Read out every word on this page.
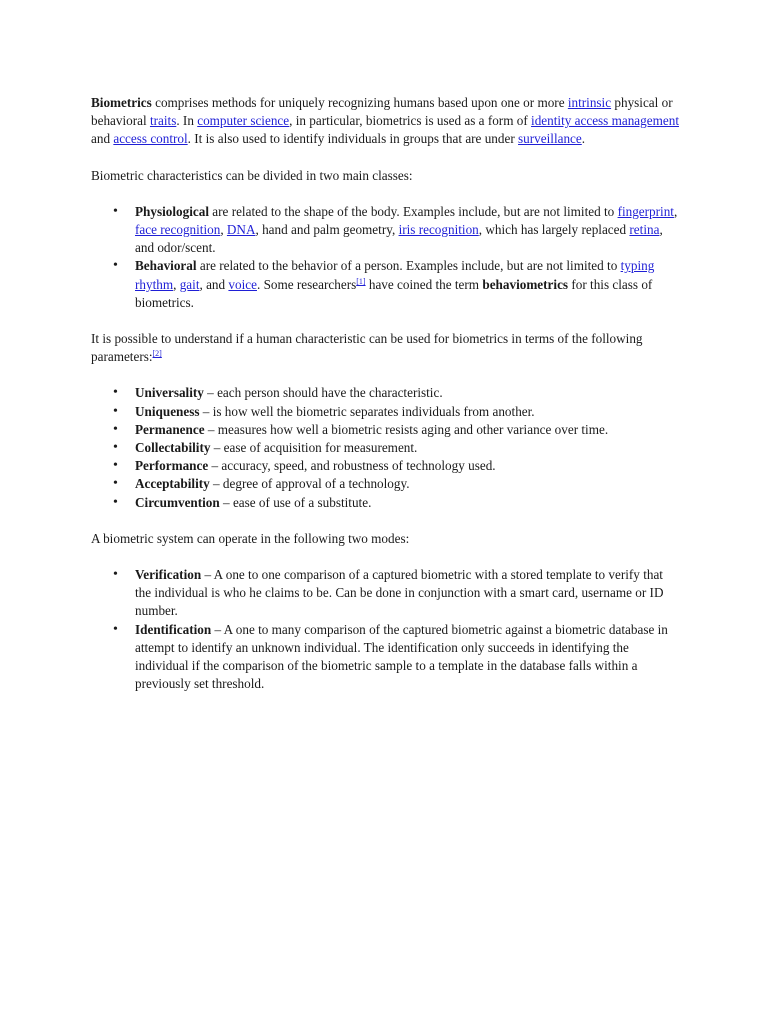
Biometrics comprises methods for uniquely recognizing humans based upon one or more intrinsic physical or behavioral traits. In computer science, in particular, biometrics is used as a form of identity access management and access control. It is also used to identify individuals in groups that are under surveillance.

Biometric characteristics can be divided in two main classes:

• Physiological are related to the shape of the body. Examples include, but are not limited to fingerprint, face recognition, DNA, hand and palm geometry, iris recognition, which has largely replaced retina, and odor/scent.
• Behavioral are related to the behavior of a person. Examples include, but are not limited to typing rhythm, gait, and voice. Some researchers[1] have coined the term behaviometrics for this class of biometrics.

It is possible to understand if a human characteristic can be used for biometrics in terms of the following parameters:[2]

• Universality – each person should have the characteristic.
• Uniqueness – is how well the biometric separates individuals from another.
• Permanence – measures how well a biometric resists aging and other variance over time.
• Collectability – ease of acquisition for measurement.
• Performance – accuracy, speed, and robustness of technology used.
• Acceptability – degree of approval of a technology.
• Circumvention – ease of use of a substitute.

A biometric system can operate in the following two modes:

• Verification – A one to one comparison of a captured biometric with a stored template to verify that the individual is who he claims to be. Can be done in conjunction with a smart card, username or ID number.
• Identification – A one to many comparison of the captured biometric against a biometric database in attempt to identify an unknown individual. The identification only succeeds in identifying the individual if the comparison of the biometric sample to a template in the database falls within a previously set threshold.
